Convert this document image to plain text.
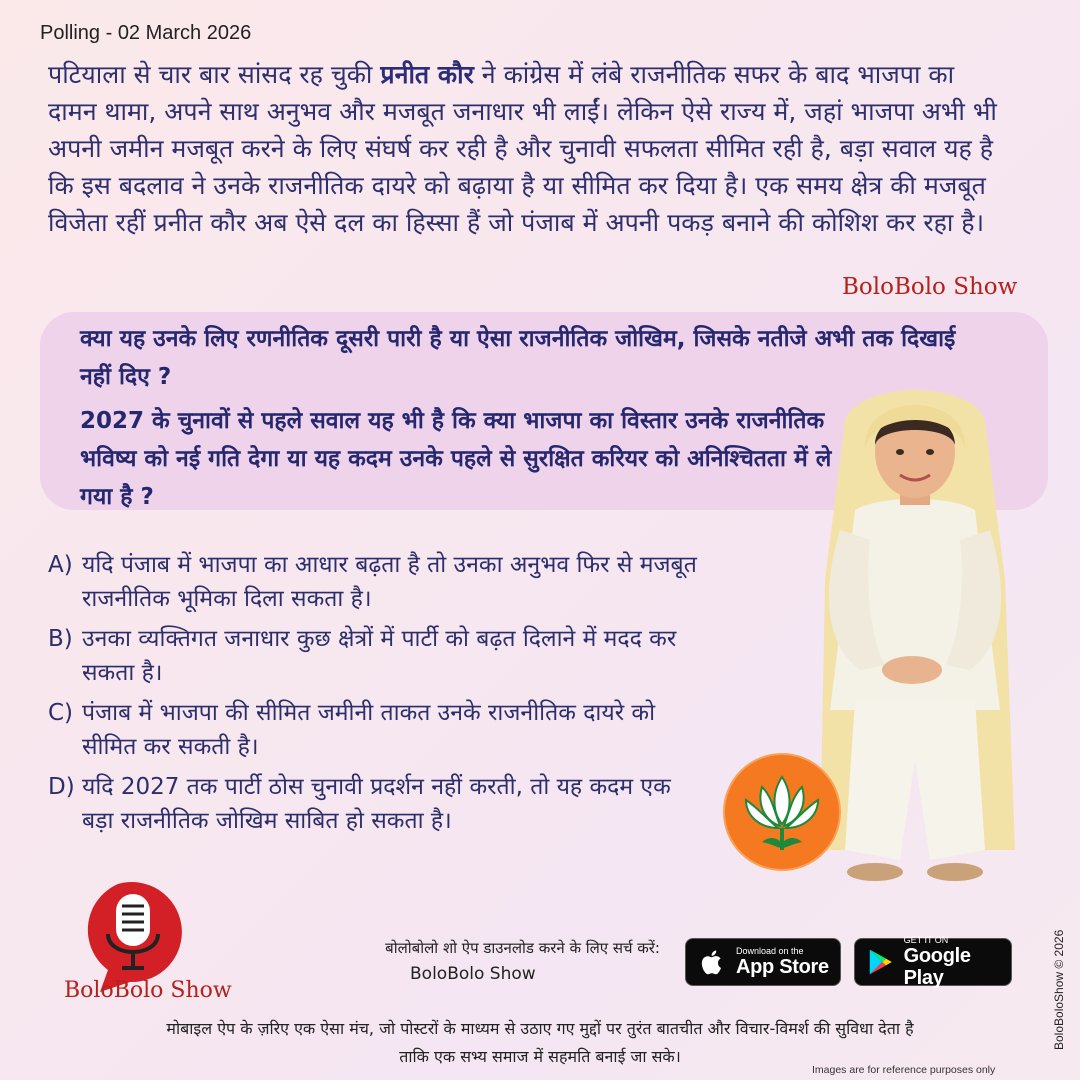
Polling - 02 March 2026
पटियाला से चार बार सांसद रह चुकी प्रनीत कौर ने कांग्रेस में लंबे राजनीतिक सफर के बाद भाजपा का दामन थामा, अपने साथ अनुभव और मजबूत जनाधार भी लाईं। लेकिन ऐसे राज्य में, जहां भाजपा अभी भी अपनी जमीन मजबूत करने के लिए संघर्ष कर रही है और चुनावी सफलता सीमित रही है, बड़ा सवाल यह है कि इस बदलाव ने उनके राजनीतिक दायरे को बढ़ाया है या सीमित कर दिया है। एक समय क्षेत्र की मजबूत विजेता रहीं प्रनीत कौर अब ऐसे दल का हिस्सा हैं जो पंजाब में अपनी पकड़ बनाने की कोशिश कर रहा है।
BoloBolo Show

क्या यह उनके लिए रणनीतिक दूसरी पारी है या ऐसा राजनीतिक जोखिम, जिसके नतीजे अभी तक दिखाई नहीं दिए ?

2027 के चुनावों से पहले सवाल यह भी है कि क्या भाजपा का विस्तार उनके राजनीतिक भविष्य को नई गति देगा या यह कदम उनके पहले से सुरक्षित करियर को अनिश्चितता में ले गया है ?

A) यदि पंजाब में भाजपा का आधार बढ़ता है तो उनका अनुभव फिर से मजबूत राजनीतिक भूमिका दिला सकता है।
B) उनका व्यक्तिगत जनाधार कुछ क्षेत्रों में पार्टी को बढ़त दिलाने में मदद कर सकता है।
C) पंजाब में भाजपा की सीमित जमीनी ताकत उनके राजनीतिक दायरे को सीमित कर सकती है।
D) यदि 2027 तक पार्टी ठोस चुनावी प्रदर्शन नहीं करती, तो यह कदम एक बड़ा राजनीतिक जोखिम साबित हो सकता है।
BoloBolo Show
बोलोबोलो शो ऐप डाउनलोड करने के लिए सर्च करें:
BoloBolo Show
Download on the
App Store
GET IT ON
Google Play
मोबाइल ऐप के ज़रिए एक ऐसा मंच, जो पोस्टरों के माध्यम से उठाए गए मुद्दों पर तुरंत बातचीत और विचार-विमर्श की सुविधा देता है
ताकि एक सभ्य समाज में सहमति बनाई जा सके।
Images are for reference purposes only
BoloBoloShow © 2026
